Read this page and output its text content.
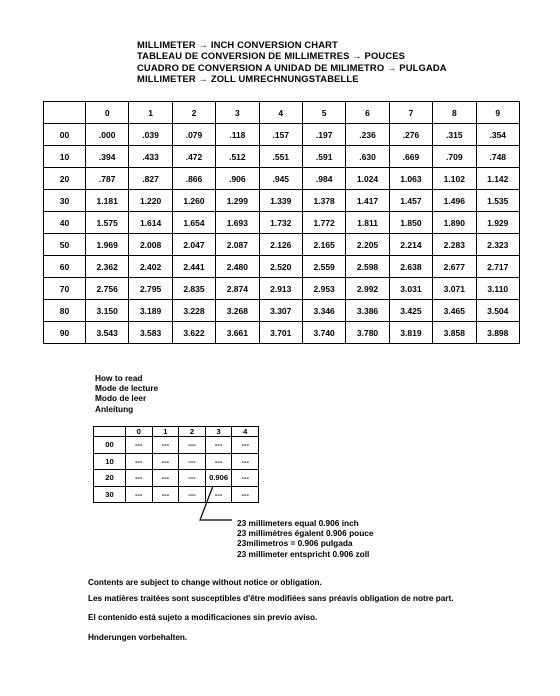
MILLIMETER → INCH CONVERSION CHART
TABLEAU DE CONVERSION DE MILLIMETRES → POUCES
CUADRO DE CONVERSION A UNIDAD DE MILIMETRO → PULGADA
MILLIMETER → ZOLL UMRECHNUNGSTABELLE
	0	1	2	3	4	5	6	7	8	9
00	.000	.039	.079	.118	.157	.197	.236	.276	.315	.354
10	.394	.433	.472	.512	.551	.591	.630	.669	.709	.748
20	.787	.827	.866	.906	.945	.984	1.024	1.063	1.102	1.142
30	1.181	1.220	1.260	1.299	1.339	1.378	1.417	1.457	1.496	1.535
40	1.575	1.614	1.654	1.693	1.732	1.772	1.811	1.850	1.890	1.929
50	1.969	2.008	2.047	2.087	2.126	2.165	2.205	2.214	2.283	2.323
60	2.362	2.402	2.441	2.480	2.520	2.559	2.598	2.638	2.677	2.717
70	2.756	2.795	2.835	2.874	2.913	2.953	2.992	3.031	3.071	3.110
80	3.150	3.189	3.228	3.268	3.307	3.346	3.386	3.425	3.465	3.504
90	3.543	3.583	3.622	3.661	3.701	3.740	3.780	3.819	3.858	3.898
How to read
Mode de lecture
Modo de leer
Anleitung
	0	1	2	3	4
00	---	---	---	---	---
10	---	---	---	---	---
20	---	---	---	0.906	---
30	---	---	---	---	---
23 millimeters equal 0.906 inch
23 millimètres égalent 0.906 pouce
23milimetros = 0.906 pulgada
23 millimeter entspricht 0.906 zoll
Contents are subject to change without notice or obligation.
Les matières traitées sont susceptibles d'être modifiées sans préavis obligation de notre part.
El contenido está sujeto a modificaciones sin previo aviso.
Hnderungen vorbehalten.
